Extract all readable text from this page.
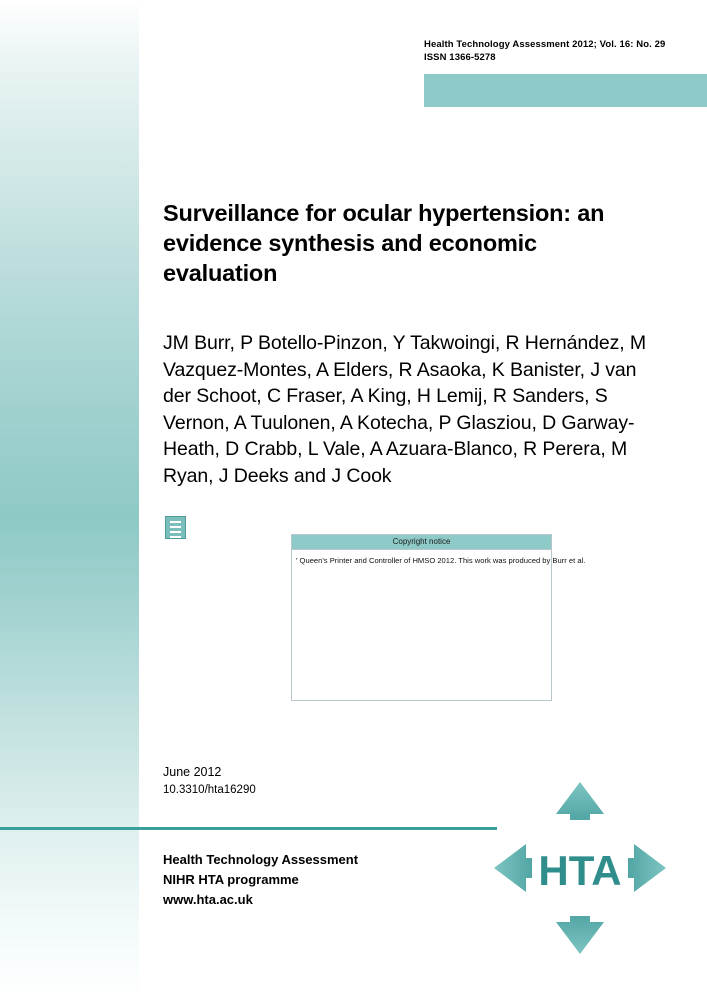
Health Technology Assessment 2012; Vol. 16: No. 29
ISSN 1366-5278
Surveillance for ocular hypertension: an evidence synthesis and economic evaluation
JM Burr, P Botello-Pinzon, Y Takwoingi, R Hernández, M Vazquez-Montes, A Elders, R Asaoka, K Banister, J van der Schoot, C Fraser, A King, H Lemij, R Sanders, S Vernon, A Tuulonen, A Kotecha, P Glasziou, D Garway-Heath, D Crabb, L Vale, A Azuara-Blanco, R Perera, M Ryan, J Deeks and J Cook
Copyright notice
' Queen's Printer and Controller of HMSO 2012. This work was produced by Burr et al.
June 2012
10.3310/hta16290
Health Technology Assessment
NIHR HTA programme
www.hta.ac.uk
HTA
